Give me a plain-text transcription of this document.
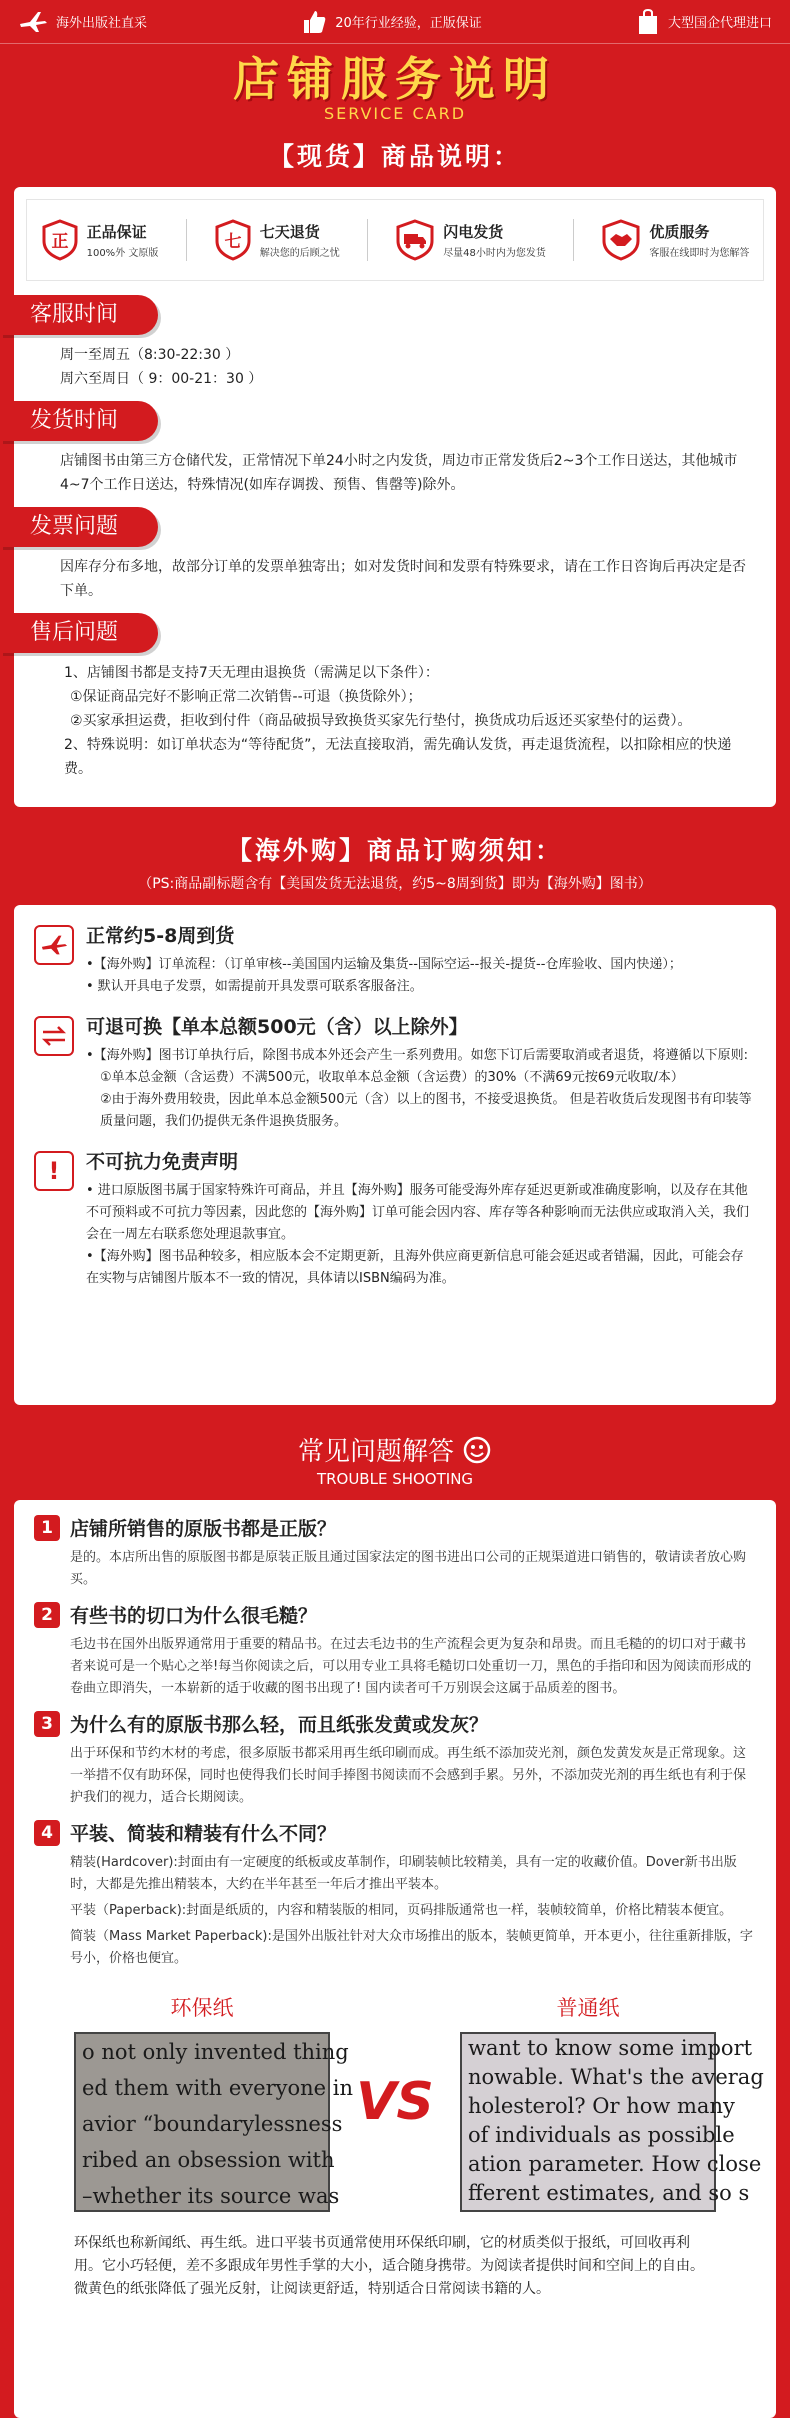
海外出版社直采	20年行业经验，正版保证	大型国企代理进口
店铺服务说明
SERVICE CARD
【现货】商品说明：
正 正品保证
100%外 文原版
七 七天退货
解决您的后顾之忧
闪电发货
尽量48小时内为您发货
优质服务
客服在线即时为您解答
客服时间
周一至周五（8:30-22:30 ）
周六至周日（ 9：00-21：30 ）
发货时间
店铺图书由第三方仓储代发，正常情况下单24小时之内发货，周边市正常发货后2~3个工作日送达，其他城市4~7个工作日送达，特殊情况(如库存调拨、预售、售罄等)除外。
发票问题
因库存分布多地，故部分订单的发票单独寄出；如对发货时间和发票有特殊要求，请在工作日咨询后再决定是否下单。
售后问题
1、店铺图书都是支持7天无理由退换货（需满足以下条件）：
①保证商品完好不影响正常二次销售--可退（换货除外）；
②买家承担运费，拒收到付件（商品破损导致换货买家先行垫付，换货成功后返还买家垫付的运费）。
2、特殊说明：如订单状态为“等待配货”，无法直接取消，需先确认发货，再走退货流程，以扣除相应的快递费。
【海外购】商品订购须知：
（PS:商品副标题含有【美国发货无法退货，约5~8周到货】即为【海外购】图书）
正常约5-8周到货

•【海外购】订单流程：（订单审核--美国国内运输及集货--国际空运--报关-提货--仓库验收、国内快递）；

• 默认开具电子发票，如需提前开具发票可联系客服备注。

可退可换【单本总额500元（含）以上除外】

•【海外购】图书订单执行后，除图书成本外还会产生一系列费用。如您下订后需要取消或者退货，将遵循以下原则:

①单本总金额（含运费）不满500元，收取单本总金额（含运费）的30%（不满69元按69元收取/本）

②由于海外费用较贵，因此单本总金额500元（含）以上的图书，不接受退换货。 但是若收货后发现图书有印装等质量问题，我们仍提供无条件退换货服务。

! 不可抗力免责声明

• 进口原版图书属于国家特殊许可商品，并且【海外购】服务可能受海外库存延迟更新或准确度影响，以及存在其他不可预料或不可抗力等因素，因此您的【海外购】订单可能会因内容、库存等各种影响而无法供应或取消入关，我们会在一周左右联系您处理退款事宜。

•【海外购】图书品种较多，相应版本会不定期更新，且海外供应商更新信息可能会延迟或者错漏，因此，可能会存在实物与店铺图片版本不一致的情况，具体请以ISBN编码为准。

常见问题解答
TROUBLE SHOOTING
1 店铺所销售的原版书都是正版？

是的。本店所出售的原版图书都是原装正版且通过国家法定的图书进出口公司的正规渠道进口销售的，敬请读者放心购买。

2 有些书的切口为什么很毛糙？

毛边书在国外出版界通常用于重要的精品书。在过去毛边书的生产流程会更为复杂和昂贵。而且毛糙的的切口对于藏书者来说可是一个贴心之举!每当你阅读之后，可以用专业工具将毛糙切口处重切一刀，黑色的手指印和因为阅读而形成的卷曲立即消失，一本崭新的适于收藏的图书出现了! 国内读者可千万别误会这属于品质差的图书。

3 为什么有的原版书那么轻，而且纸张发黄或发灰？

出于环保和节约木材的考虑，很多原版书都采用再生纸印刷而成。再生纸不添加荧光剂，颜色发黄发灰是正常现象。这一举措不仅有助环保，同时也使得我们长时间手捧图书阅读而不会感到手累。另外，不添加荧光剂的再生纸也有利于保护我们的视力，适合长期阅读。

4 平装、简装和精装有什么不同？

精装(Hardcover):封面由有一定硬度的纸板或皮革制作，印刷装帧比较精美，具有一定的收藏价值。Dover新书出版时，大都是先推出精装本，大约在半年甚至一年后才推出平装本。

平装（Paperback):封面是纸质的，内容和精装版的相同，页码排版通常也一样，装帧较简单，价格比精装本便宜。

简装（Mass Market Paperback):是国外出版社针对大众市场推出的版本，装帧更简单，开本更小，往往重新排版，字号小，价格也便宜。

环保纸
o not only invented thing
ed them with everyone in
avior “boundarylessness
ribed an obsession with
–whether its source was
VS
普通纸
want to know some import
nowable. What's the averag
holesterol? Or how many
of individuals as possible
ation parameter. How close
fferent estimates, and so s

环保纸也称新闻纸、再生纸。进口平装书页通常使用环保纸印刷，它的材质类似于报纸，可回收再利用。它小巧轻便，差不多跟成年男性手掌的大小，适合随身携带。为阅读者提供时间和空间上的自由。微黄色的纸张降低了强光反射，让阅读更舒适，特别适合日常阅读书籍的人。
